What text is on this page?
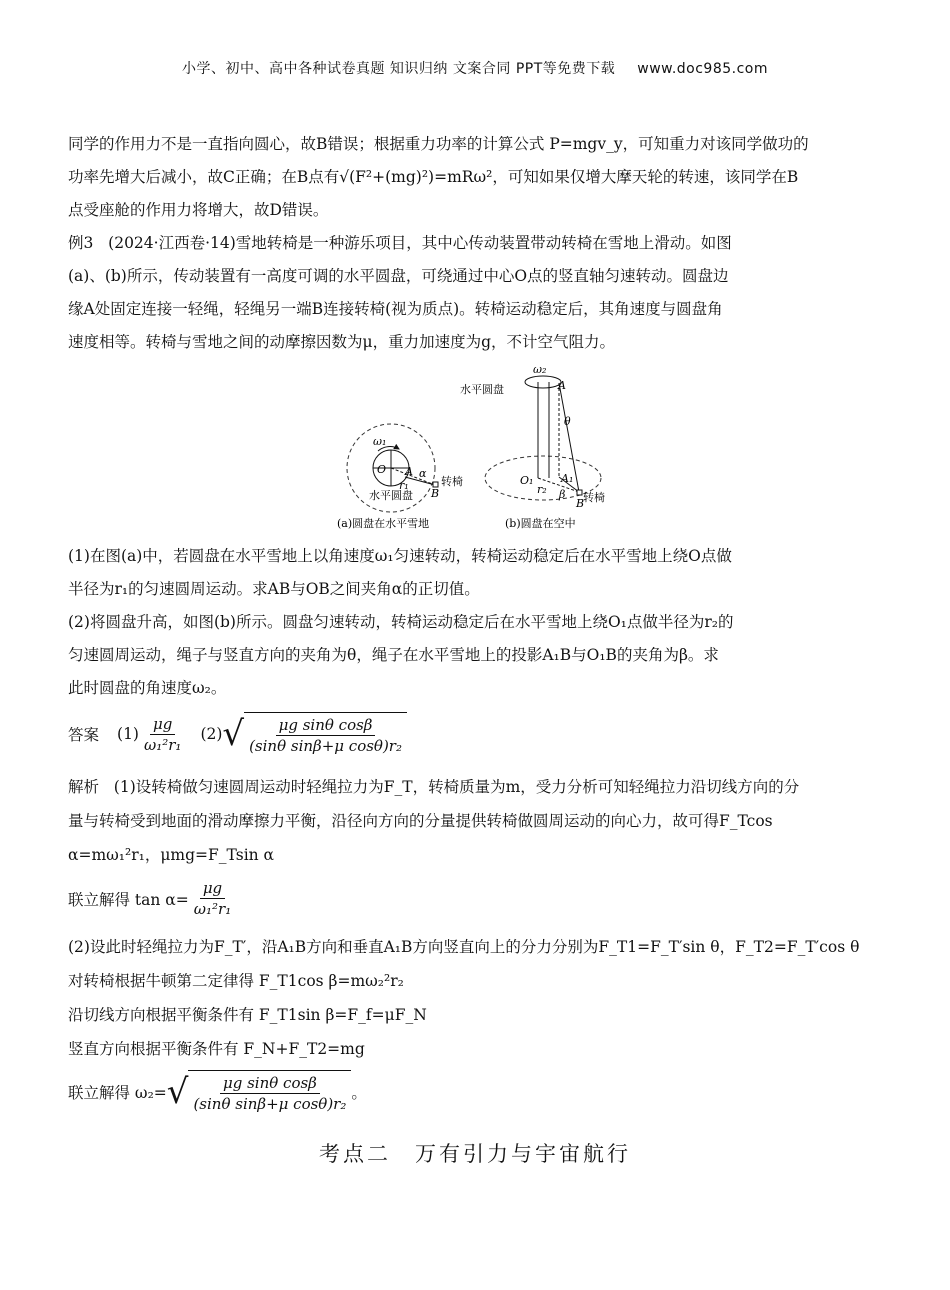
小学、初中、高中各种试卷真题 知识归纳 文案合同 PPT等免费下载 www.doc985.com
同学的作用力不是一直指向圆心，故B错误；根据重力功率的计算公式 P=mgv_y，可知重力对该同学做功的
功率先增大后减小，故C正确；在B点有√(F²+(mg)²)=mRω²，可知如果仅增大摩天轮的转速，该同学在B
点受座舱的作用力将增大，故D错误。
例3 (2024·江西卷·14)雪地转椅是一种游乐项目，其中心传动装置带动转椅在雪地上滑动。如图
(a)、(b)所示，传动装置有一高度可调的水平圆盘，可绕通过中心O点的竖直轴匀速转动。圆盘边
缘A处固定连接一轻绳，轻绳另一端B连接转椅(视为质点)。转椅运动稳定后，其角速度与圆盘角
速度相等。转椅与雪地之间的动摩擦因数为μ，重力加速度为g，不计空气阻力。
ω₁
O A
r₁
α
B
转椅
水平圆盘
(a)圆盘在水平雪地
ω₂
A
θ
O₁	A₁
r₂ β
B
转椅
水平圆盘
(b)圆盘在空中
(1)在图(a)中，若圆盘在水平雪地上以角速度ω₁匀速转动，转椅运动稳定后在水平雪地上绕O点做
半径为r₁的匀速圆周运动。求AB与OB之间夹角α的正切值。
(2)将圆盘升高，如图(b)所示。圆盘匀速转动，转椅运动稳定后在水平雪地上绕O₁点做半径为r₂的
匀速圆周运动，绳子与竖直方向的夹角为θ，绳子在水平雪地上的投影A₁B与O₁B的夹角为β。求
此时圆盘的角速度ω₂。
答案 $(1) \frac{\mu g}{\text{ω₁²r₁}} (2)$ √ $\frac{\text{μg sinθ cosβ}}{\text{(sinθ sinβ+μ cosθ)r₂}}$
解析 (1)设转椅做匀速圆周运动时轻绳拉力为F_T，转椅质量为m，受力分析可知轻绳拉力沿切线方向的分
量与转椅受到地面的滑动摩擦力平衡，沿径向方向的分量提供转椅做圆周运动的向心力，故可得F_Tcos
α=mω₁²r₁，μmg=F_Tsin α
联立解得 $\tan \alpha= \frac{\mu g}{\text{ω₁²r₁}}$
(2)设此时轻绳拉力为F_T′，沿A₁B方向和垂直A₁B方向竖直向上的分力分别为F_T1=F_T′sin θ，F_T2=F_T′cos θ
对转椅根据牛顿第二定律得 F_T1cos β=mω₂²r₂
沿切线方向根据平衡条件有 F_T1sin β=F_f=μF_N
竖直方向根据平衡条件有 F_N+F_T2=mg
联立解得 ω₂= √ $\frac{\text{μg sinθ cosβ}}{\text{(sinθ sinβ+μ cosθ)r₂}}$ 。
考点二　万有引力与宇宙航行
